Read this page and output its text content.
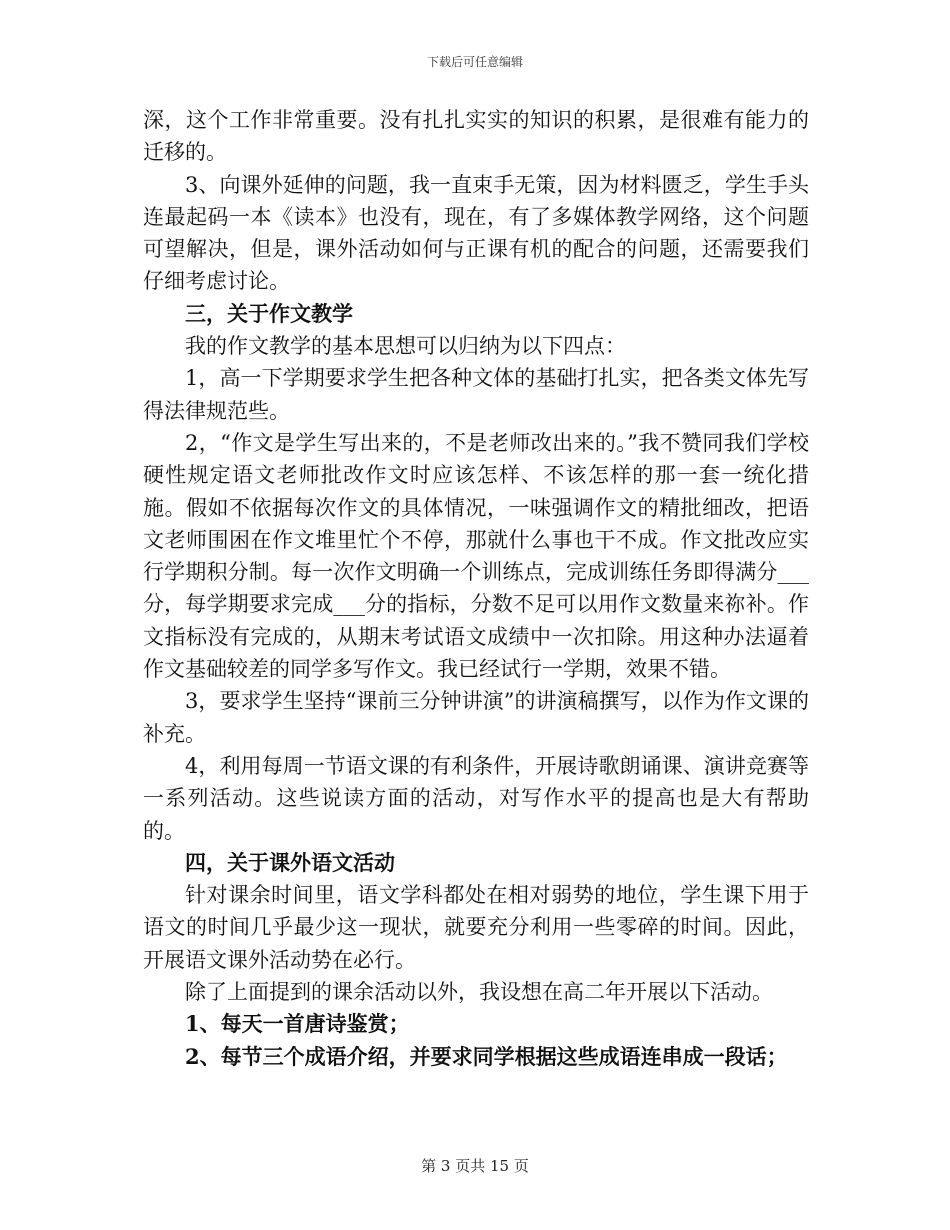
下载后可任意编辑

深，这个工作非常重要。没有扎扎实实的知识的积累，是很难有能力的迁移的。

3、向课外延伸的问题，我一直束手无策，因为材料匮乏，学生手头连最起码一本《读本》也没有，现在，有了多媒体教学网络，这个问题可望解决，但是，课外活动如何与正课有机的配合的问题，还需要我们仔细考虑讨论。

三，关于作文教学

我的作文教学的基本思想可以归纳为以下四点：

1，高一下学期要求学生把各种文体的基础打扎实，把各类文体先写得法律规范些。

2，“作文是学生写出来的，不是老师改出来的。”我不赞同我们学校硬性规定语文老师批改作文时应该怎样、不该怎样的那一套一统化措施。假如不依据每次作文的具体情况，一味强调作文的精批细改，把语文老师围困在作文堆里忙个不停，那就什么事也干不成。作文批改应实行学期积分制。每一次作文明确一个训练点，完成训练任务即得满分___分，每学期要求完成___分的指标，分数不足可以用作文数量来祢补。作文指标没有完成的，从期末考试语文成绩中一次扣除。用这种办法逼着作文基础较差的同学多写作文。我已经试行一学期，效果不错。

3，要求学生坚持“课前三分钟讲演”的讲演稿撰写，以作为作文课的补充。

4，利用每周一节语文课的有利条件，开展诗歌朗诵课、演讲竞赛等一系列活动。这些说读方面的活动，对写作水平的提高也是大有帮助的。

四，关于课外语文活动

针对课余时间里，语文学科都处在相对弱势的地位，学生课下用于语文的时间几乎最少这一现状，就要充分利用一些零碎的时间。因此，开展语文课外活动势在必行。

除了上面提到的课余活动以外，我设想在高二年开展以下活动。

1、每天一首唐诗鉴赏；

2、每节三个成语介绍，并要求同学根据这些成语连串成一段话；

第 3 页共 15 页
